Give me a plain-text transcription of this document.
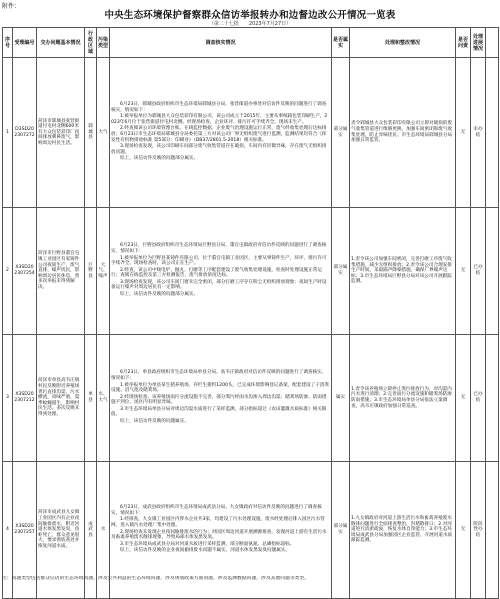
附件：
中央生态环境保护督察群众信访举报转办和边督边改公开情况一览表
（第二十七批　　2023年7月27日）
序号	受理编号	交办问题基本情况	行政区域	污染类型	调查核实情况	是否属实	处理和整改情况	是否问责	处理进展情况	
1	D3SD202307272	菏泽市郓城县张营街道付屯村北侧600米有大众包装彩印厂夜间排放刺鼻废气，影响周边村民生活。	郓城县	大气	6月23日，郓城县政府组织市生态环境局郓城县分局、张营街道办事处对信访件反映的问题进行了调查核实，情况如下：
1.被举报单位为郓城县大众包装彩印有限公司，该公司成立于2015年，主要从事纸箱包装印刷生产，2023年6月位于张营街道付屯村北侧。经现场检查，企业环评、排污许可手续齐全，现场未生产。
2.经查阅该公司环境管理台账、在线监控数据，企业废气治理设施运行正常，废气经收集处理后达标排放；6月23日市生态环境局郓城县分局委托第三方对该公司厂界无组织废气进行监测，监测结果均符合《挥发性有机物排放标准 第5部分：印刷业》（DB37/2801.5-2018）相关标准。
3.现场检查发现，该公司印刷车间部分废气收集管道存在破损，车间内有轻微异味，存在废气无组织排放问题。
综上，该信访件反映的问题部分属实。	部分属实	责令郓城县大众包装彩印有限公司立即对破损的废气收集管道进行维修更换，加强车间密闭和废气收集处理，防止异味扰民；市生态环境局郓城县分局加强日常监管。	无	未办结	
2	X3SD202307254	菏泽市巨野县董官屯镇工业园区有家铸件公司夜间生产，废气直排，噪声扰民，影响周边居民休息，曾多次举报未得到解决。	巨野县	大气、噪声	6月23日，巨野县政府组织市生态环境局巨野县分局、董官屯镇政府对信访件反映的问题进行了调查核实，情况如下：
1.被举报单位为巨野县某铸件有限公司，位于董官屯镇工业园区，主要从事铸件生产，环评、排污许可手续齐全。现场检查时，该公司正在生产。
2.经查，该公司中频电炉、抛丸、打磨等工序配套建设了废气收集处理设施，检查时处理设施正常运行；查阅在线监控及第三方检测报告，废气排放浓度达标。
3.现场检查发现，该公司车间门窗未完全密闭，部分打磨工序存在粉尘无组织排放现象；夜间生产时设备运行噪声对周边居民有一定影响。
综上，该信访件反映的问题部分属实。	部分属实	1.责令该公司加强车间密闭，完善打磨工序废气收集措施，减少无组织排放；2.责令该公司合理安排生产时间，采取隔声降噪措施，确保厂界噪声达标；3.市生态环境局巨野县分局对该公司开展跟踪监测。	无	已办结	
3	X3SD202307212	菏泽市单县高韦庄镇村民反映附近养殖场粪污直排沟渠，污水横流，臭味严重，夏季蚊蝇滋生，影响村民生活，多次反映未得到处理。	单县	水、大气	6月23日，单县政府组织市生态环境局单县分局、高韦庄镇政府对信访件反映的问题进行了调查核实，情况如下：
1.被举报单位为单县某生猪养殖场，存栏生猪约1200头，已完成环境影响登记备案，配套建设了干清粪设施、沼气池及储粪场。
2.经现场检查，该养殖场雨污分流设施不完善，部分粪污经雨水沟渗入周边沟渠；储粪场防渗、防雨措施不到位，场区内有明显异味。
3.市生态环境局单县分局对周边沟渠水质进行了采样监测，部分指标超过《农田灌溉水质标准》相关限值。
综上，该信访件反映的问题属实。	属实	1.责令该养殖场立即停止粪污排放行为，对沟渠内污水进行清理；2.完善雨污分流设施和储粪场防渗防雨措施；3.市生态环境局单县分局依法立案调查，高韦庄镇政府加强日常巡查。	无	已办结	
4	X3SD202307257	菏泽市成武县九女镇工业园区内有企业夜间偷排废水，附近河道水体发黑发臭，鱼虾死亡，群众意见很大，要求彻底查处并恢复河道水质。	成武县	水	6月23日，成武县政府组织市生态环境局成武县分局、九女镇政府对信访件反映的问题进行了调查核实，情况如下：
1.经排查，九女镇工业园区内涉水企业共3家，均建设了污水处理设施，废水经处理后排入园区污水管网，进入镇污水处理厂集中处理。
2.现场检查未发现企业夜间偷排废水的行为；对园区周边河道开展溯源排查，发现河道上游有生活污水及畜禽养殖废水散排现象，导致局部水体发黑发臭。
3.市生态环境局成武县分局对河道水质进行采样监测，部分断面氨氮、总磷指标超标。
综上，该信访件反映的企业夜间偷排废水问题不属实，河道水体发黑发臭问题属实。	部分属实	1.九女镇政府对河道上游生活污水和畜禽养殖废水散排问题进行全面排查整治，封堵散排口；2.对河道进行清淤疏浚，恢复水体自净能力；3.市生态环境局成武县分局加强园区企业监管，开展河道水质跟踪监测。	无	阶段性办结	
注：问题类型包括群众信访的生态环境问题，涉及公共利益的生态环境问题，涉及规划政策方面问题，涉及监测数据问题，涉及其他问题等类型。
